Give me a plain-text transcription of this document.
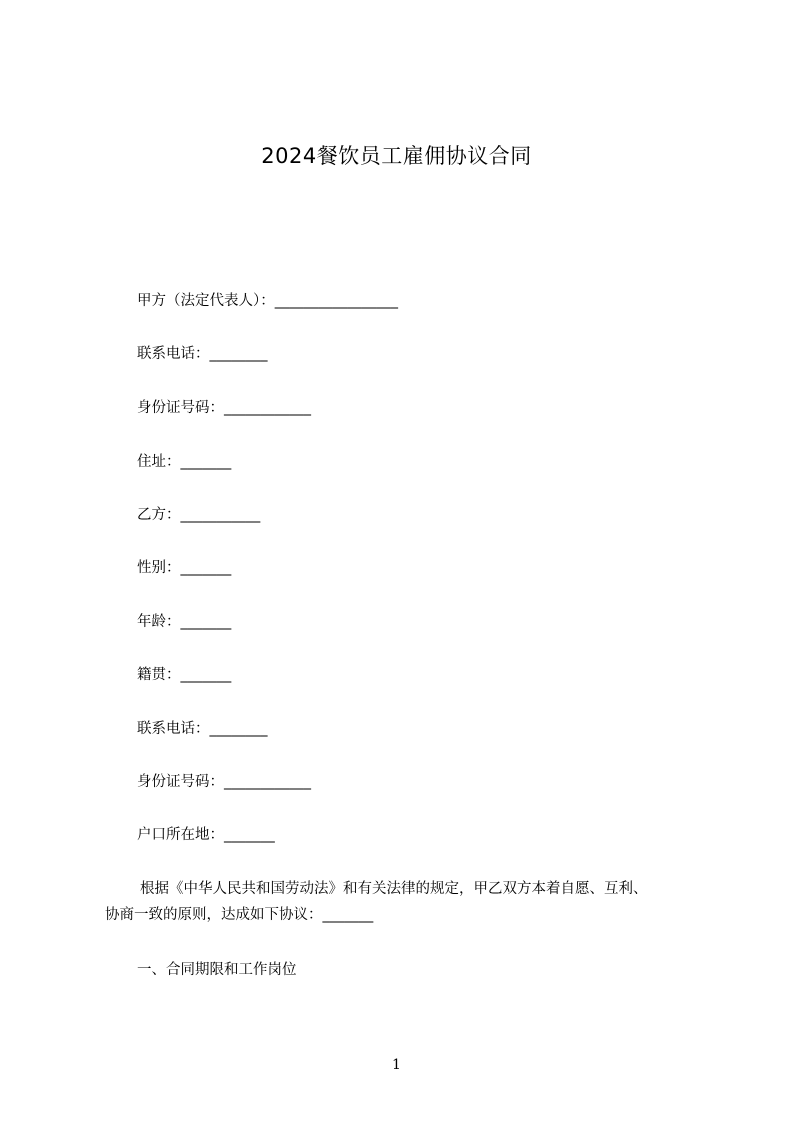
2024餐饮员工雇佣协议合同
甲方（法定代表人）：_________________
联系电话：________
身份证号码：____________
住址：_______
乙方：___________
性别：_______
年龄：_______
籍贯：_______
联系电话：________
身份证号码：____________
户口所在地：_______
根据《中华人民共和国劳动法》和有关法律的规定，甲乙双方本着自愿、互利、
协商一致的原则，达成如下协议：_______
一、合同期限和工作岗位
1
